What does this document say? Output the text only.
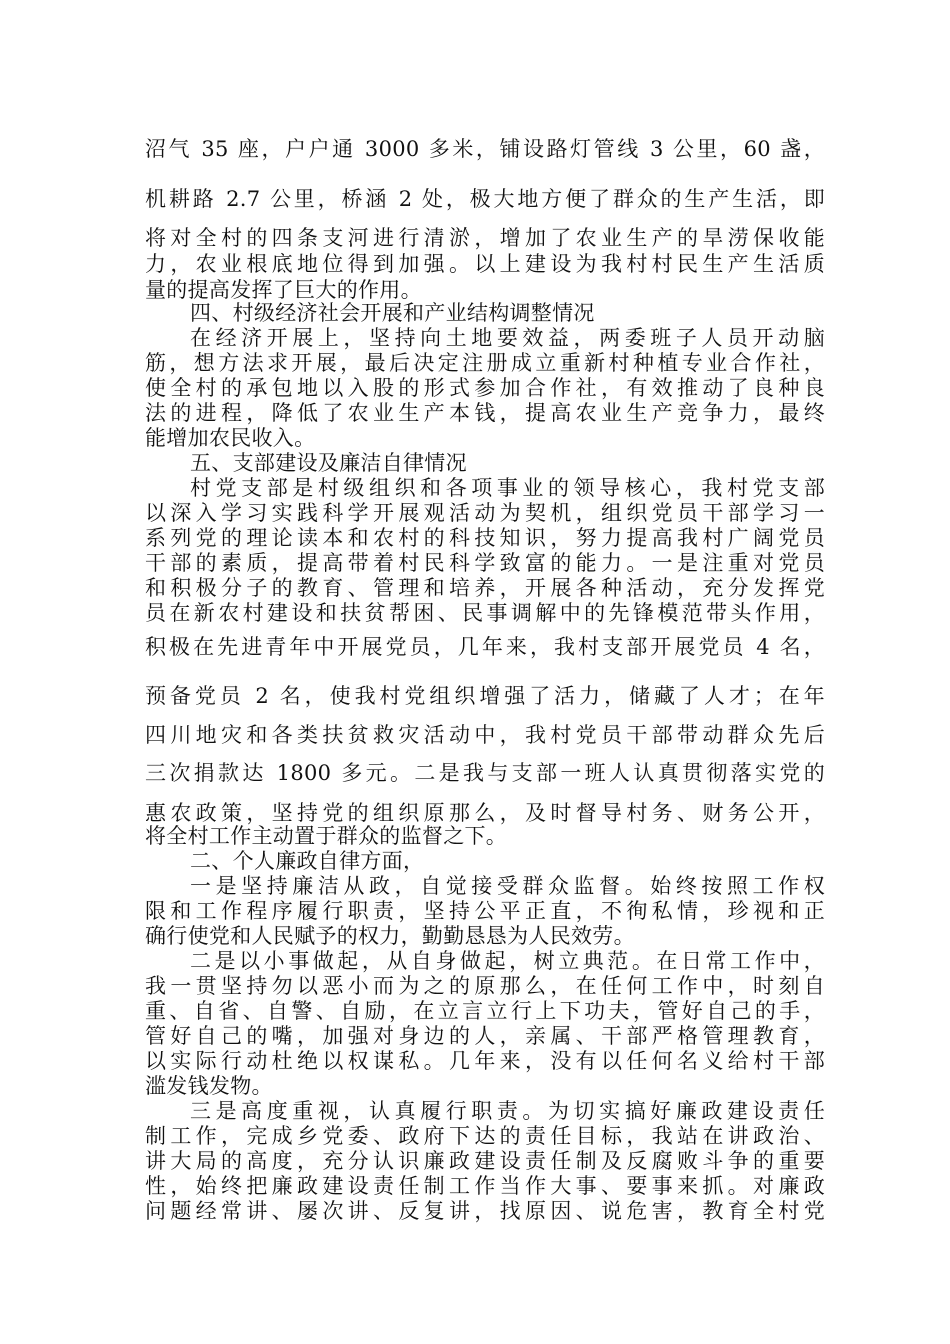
沼气 35 座，户户通 3000 多米，铺设路灯管线 3 公里，60 盏，

机耕路 2.7 公里，桥涵 2 处，极大地方便了群众的生产生活，即

将对全村的四条支河进行清淤，增加了农业生产的旱涝保收能

力，农业根底地位得到加强。以上建设为我村村民生产生活质

量的提高发挥了巨大的作用。

四、村级经济社会开展和产业结构调整情况

在经济开展上，坚持向土地要效益，两委班子人员开动脑

筋，想方法求开展，最后决定注册成立重新村种植专业合作社，

使全村的承包地以入股的形式参加合作社，有效推动了良种良

法的进程，降低了农业生产本钱，提高农业生产竞争力，最终

能增加农民收入。

五、支部建设及廉洁自律情况

村党支部是村级组织和各项事业的领导核心，我村党支部

以深入学习实践科学开展观活动为契机，组织党员干部学习一

系列党的理论读本和农村的科技知识，努力提高我村广阔党员

干部的素质，提高带着村民科学致富的能力。一是注重对党员

和积极分子的教育、管理和培养，开展各种活动，充分发挥党

员在新农村建设和扶贫帮困、民事调解中的先锋模范带头作用，

积极在先进青年中开展党员，几年来，我村支部开展党员 4 名，

预备党员 2 名，使我村党组织增强了活力，储藏了人才；在年

四川地灾和各类扶贫救灾活动中，我村党员干部带动群众先后

三次捐款达 1800 多元。二是我与支部一班人认真贯彻落实党的

惠农政策，坚持党的组织原那么，及时督导村务、财务公开，

将全村工作主动置于群众的监督之下。

二、个人廉政自律方面，

一是坚持廉洁从政，自觉接受群众监督。始终按照工作权

限和工作程序履行职责，坚持公平正直，不徇私情，珍视和正

确行使党和人民赋予的权力，勤勤恳恳为人民效劳。

二是以小事做起，从自身做起，树立典范。在日常工作中，

我一贯坚持勿以恶小而为之的原那么，在任何工作中，时刻自

重、自省、自警、自励，在立言立行上下功夫，管好自己的手，

管好自己的嘴，加强对身边的人，亲属、干部严格管理教育，

以实际行动杜绝以权谋私。几年来，没有以任何名义给村干部

滥发钱发物。

三是高度重视，认真履行职责。为切实搞好廉政建设责任

制工作，完成乡党委、政府下达的责任目标，我站在讲政治、

讲大局的高度，充分认识廉政建设责任制及反腐败斗争的重要

性，始终把廉政建设责任制工作当作大事、要事来抓。对廉政

问题经常讲、屡次讲、反复讲，找原因、说危害，教育全村党
